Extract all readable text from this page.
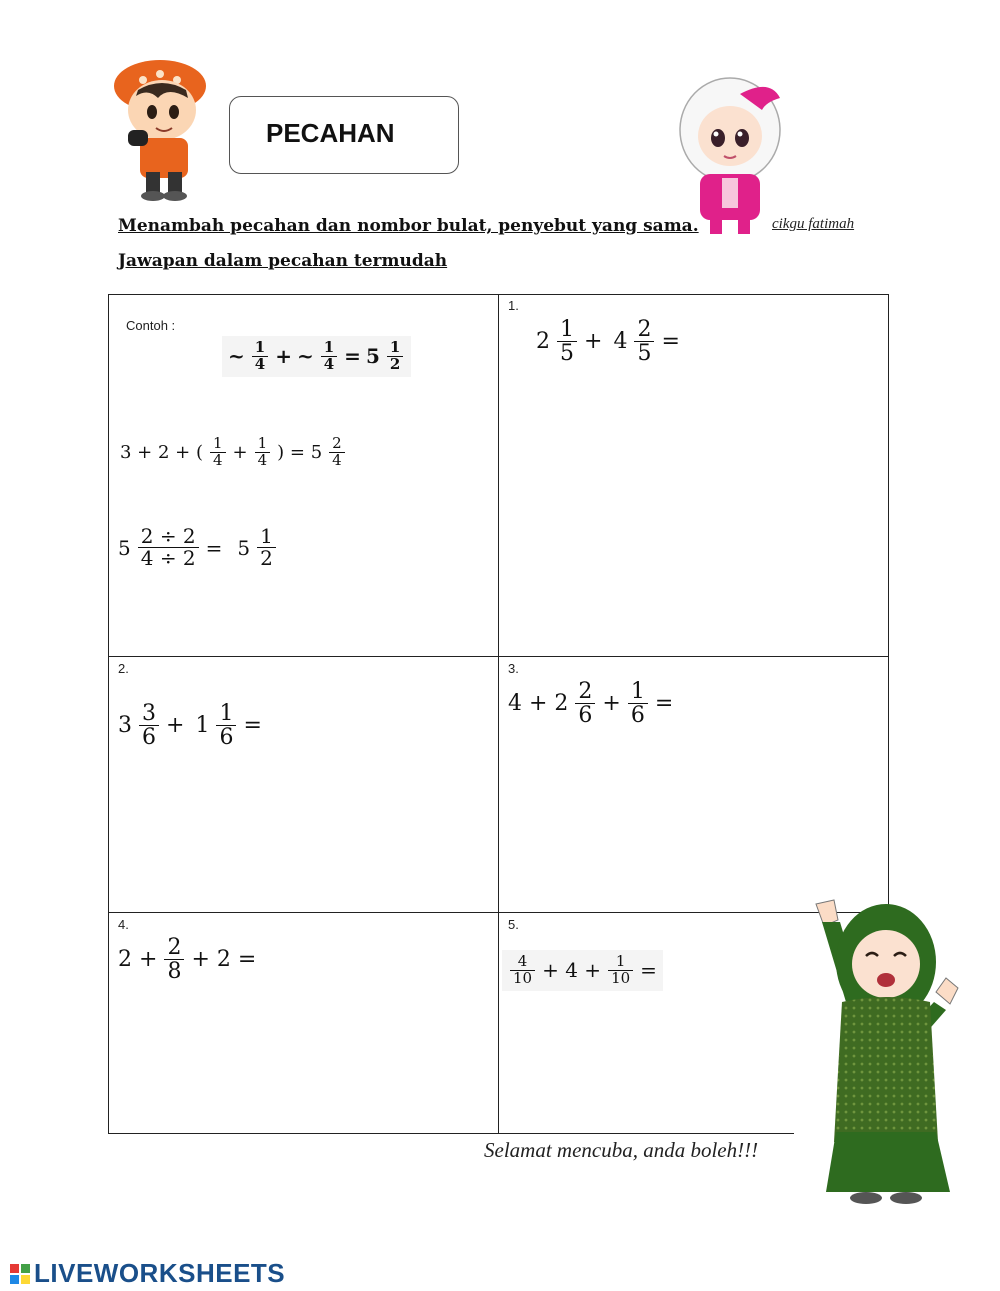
PECAHAN
Menambah pecahan dan nombor bulat, penyebut yang sama.	cikgu fatimah
Jawapan dalam pecahan termudah
Contoh :
~ $\frac{1}{4}$ + ~ $\frac{1}{4} = 5 \frac{1}{2}$
3 + 2 + ( $\frac{1}{4} + \frac{1}{4}$ ) = $5 \frac{2}{4}$
$5 \frac{2 \div 2}{4 \div 2} = 5 \frac{1}{2}$
1.
$2 \frac{1}{5} + 4 \frac{2}{5}$ =
2.
$3 \frac{3}{6} + 1 \frac{1}{6}$ =
3.
$4 + 2 \frac{2}{6} + \frac{1}{6}$ =
4.
$2 + \frac{2}{8} + 2$ =
5.
$\frac{4}{10} + 4 + \frac{1}{10}$ =
Selamat mencuba, anda boleh!!!
LIVEWORKSHEETS
